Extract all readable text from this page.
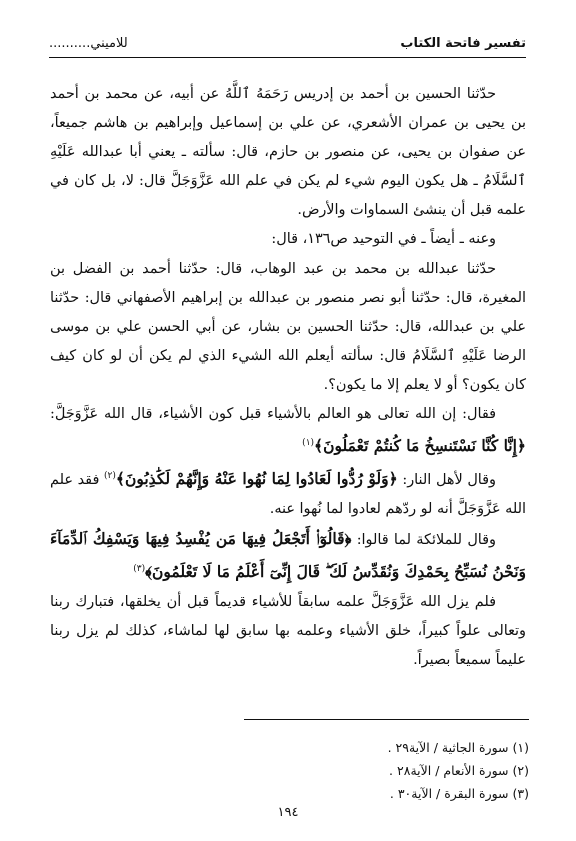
..........للاميني	تفسير فاتحة الكتاب

حدّثنا الحسين بن أحمد بن إدريس رَحَمَهُ ٱللَّهُ عن أبيه، عن محمد بن أحمد بن يحيى بن عمران الأشعري، عن علي بن إسماعيل وإبراهيم بن هاشم جميعاً، عن صفوان بن يحيى، عن منصور بن حازم، قال: سألته ـ يعني أبا عبدالله عَلَيْهِ ٱلسَّلَامُ ـ هل يكون اليوم شيء لم يكن في علم الله عَزَّوَجَلَّ قال: لا، بل كان في علمه قبل أن ينشئ السماوات والأرض.

وعنه ـ أيضاً ـ في التوحيد ص١٣٦، قال:

حدّثنا عبدالله بن محمد بن عبد الوهاب، قال: حدّثنا أحمد بن الفضل بن المغيرة، قال: حدّثنا أبو نصر منصور بن عبدالله بن إبراهيم الأصفهاني قال: حدّثنا علي بن عبدالله، قال: حدّثنا الحسين بن بشار، عن أبي الحسن علي بن موسى الرضا عَلَيْهِ ٱلسَّلَامُ قال: سألته أيعلم الله الشيء الذي لم يكن أن لو كان كيف كان يكون؟ أو لا يعلم إلا ما يكون؟.

فقال: إن الله تعالى هو العالم بالأشياء قبل كون الأشياء، قال الله عَزَّوَجَلَّ: ﴿إِنَّا كُنَّا نَسْتَنسِخُ مَا كُنتُمْ تَعْمَلُونَ﴾$^{(١)}$

وقال لأهل النار: ﴿وَلَوْ رُدُّوا لَعَادُوا لِمَا نُهُوا عَنْهُ وَإِنَّهُمْ لَكَٰذِبُونَ﴾$^{(٢)}$ فقد علم الله عَزَّوَجَلَّ أنه لو ردّهم لعادوا لما نُهوا عنه.

وقال للملائكة لما قالوا: ﴿قَالُوٓا۟ أَتَجْعَلُ فِيهَا مَن يُفْسِدُ فِيهَا وَيَسْفِكُ ٱلدِّمَآءَ وَنَحْنُ نُسَبِّحُ بِحَمْدِكَ وَنُقَدِّسُ لَكَ ۖ قَالَ إِنِّىٓ أَعْلَمُ مَا لَا تَعْلَمُونَ﴾$^{(٣)}$

فلم يزل الله عَزَّوَجَلَّ علمه سابقاً للأشياء قديماً قبل أن يخلقها، فتبارك ربنا وتعالى علواً كبيراً، خلق الأشياء وعلمه بها سابق لها لماشاء، كذلك لم يزل ربنا عليماً سميعاً بصيراً.

(١) سورة الجاثية / الآية٢٩ .
(٢) سورة الأنعام / الآية٢٨ .
(٣) سورة البقرة / الآية٣٠ .
١٩٤
